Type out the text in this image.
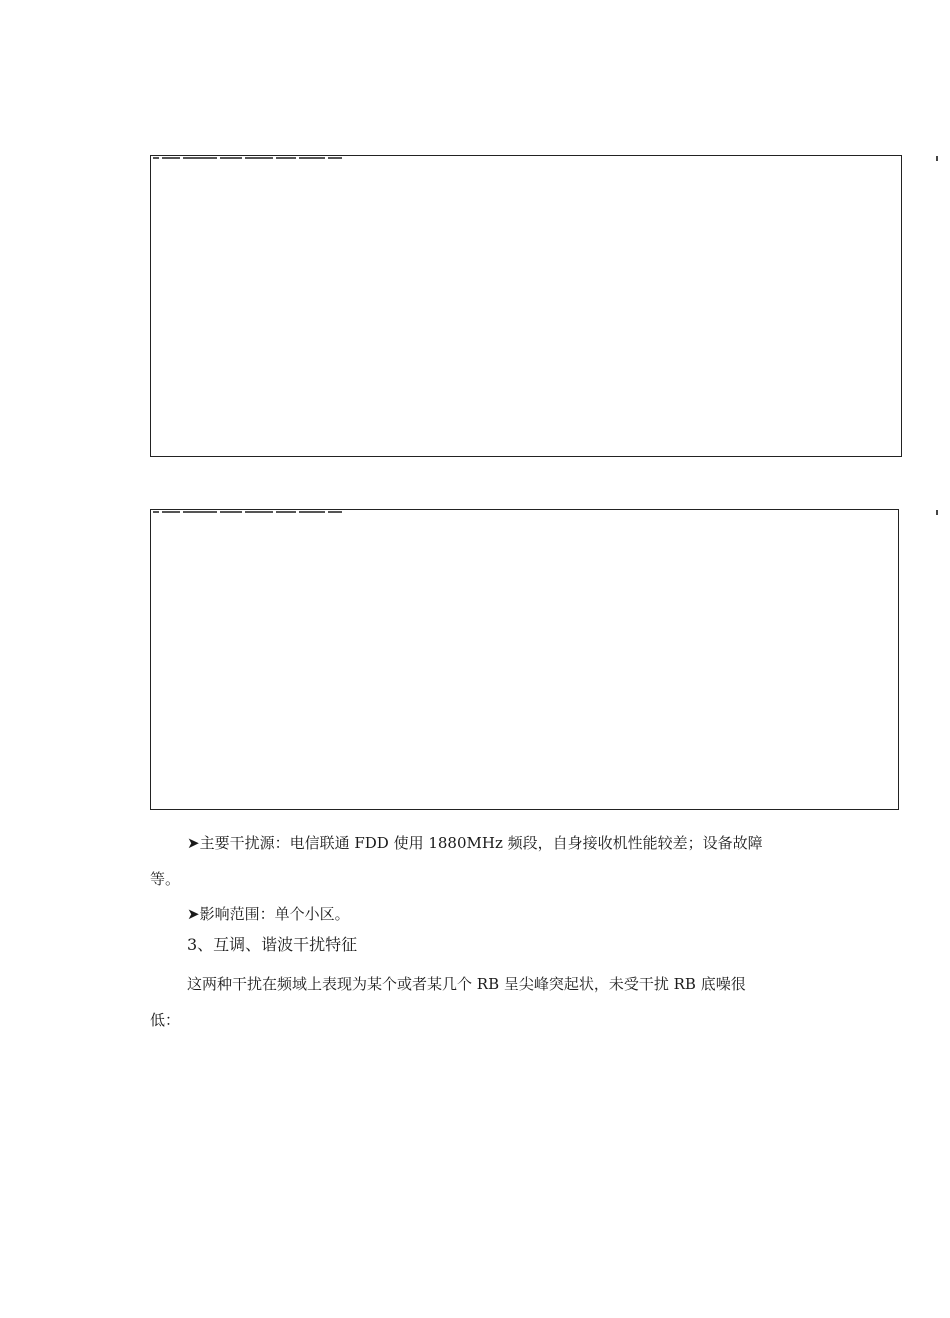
➤主要干扰源：电信联通 FDD 使用 1880MHz 频段，自身接收机性能较差；设备故障

等。

➤影响范围：单个小区。

3、互调、谐波干扰特征

这两种干扰在频域上表现为某个或者某几个 RB 呈尖峰突起状，未受干扰 RB 底噪很

低：
